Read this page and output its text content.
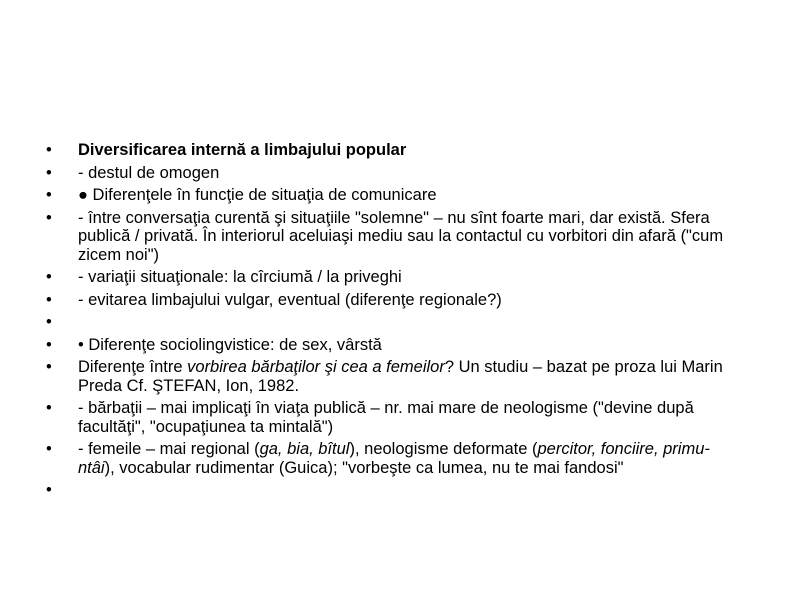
•	Diversificarea internă a limbajului popular
•	- destul de omogen
•	● Diferenţele în funcţie de situaţia de comunicare
•	- între conversaţia curentă şi situaţiile "solemne" – nu sînt foarte mari, dar există. Sfera publică / privată. În interiorul aceluiaşi mediu sau la contactul cu vorbitori din afară ("cum zicem noi")
•	- variaţii situaţionale: la cîrciumă / la priveghi
•	- evitarea limbajului vulgar, eventual (diferenţe regionale?)
•
•	• Diferenţe sociolingvistice: de sex, vârstă
•	Diferenţe între vorbirea bărbaţilor şi cea a femeilor? Un studiu – bazat pe proza lui Marin Preda Cf. ŞTEFAN, Ion, 1982.
•	- bărbaţii – mai implicaţi în viaţa publică – nr. mai mare de neologisme ("devine după facultăţi", "ocupaţiunea ta mintală")
•	- femeile – mai regional (ga, bia, bîtul), neologisme deformate (percitor, fonciire, primu-ntâi), vocabular rudimentar (Guica); "vorbeşte ca lumea, nu te mai fandosi"
•
